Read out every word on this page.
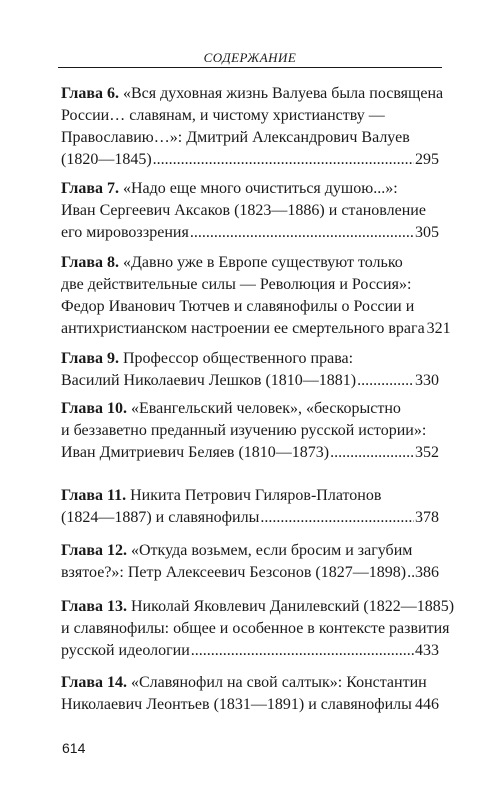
СОДЕРЖАНИЕ
Глава 6. «Вся духовная жизнь Валуева была посвящена
России… славянам, и чистому христианству —
Православию…»: Дмитрий Александрович Валуев
(1820—1845) .....	295
Глава 7. «Надо еще много очиститься душою...»:
Иван Сергеевич Аксаков (1823—1886) и становление
его мировоззрения .....	305
Глава 8. «Давно уже в Европе существуют только
две действительные силы — Революция и Россия»:
Федор Иванович Тютчев и славянофилы о России и
антихристианском настроении ее смертельного врага 321
Глава 9. Профессор общественного права:
Василий Николаевич Лешков (1810—1881) .....	330
Глава 10. «Евангельский человек», «бескорыстно
и беззаветно преданный изучению русской истории»:
Иван Дмитриевич Беляев (1810—1873) .....	352
Глава 11. Никита Петрович Гиляров-Платонов
(1824—1887) и славянофилы .....	378
Глава 12. «Откуда возьмем, если бросим и загубим
взятое?»: Петр Алексеевич Безсонов (1827—1898) ..... 386
Глава 13. Николай Яковлевич Данилевский (1822—1885)
и славянофилы: общее и особенное в контексте развития
русской идеологии .....	433
Глава 14. «Славянофил на свой салтык»: Константин
Николаевич Леонтьев (1831—1891) и славянофилы ..... 446
614
